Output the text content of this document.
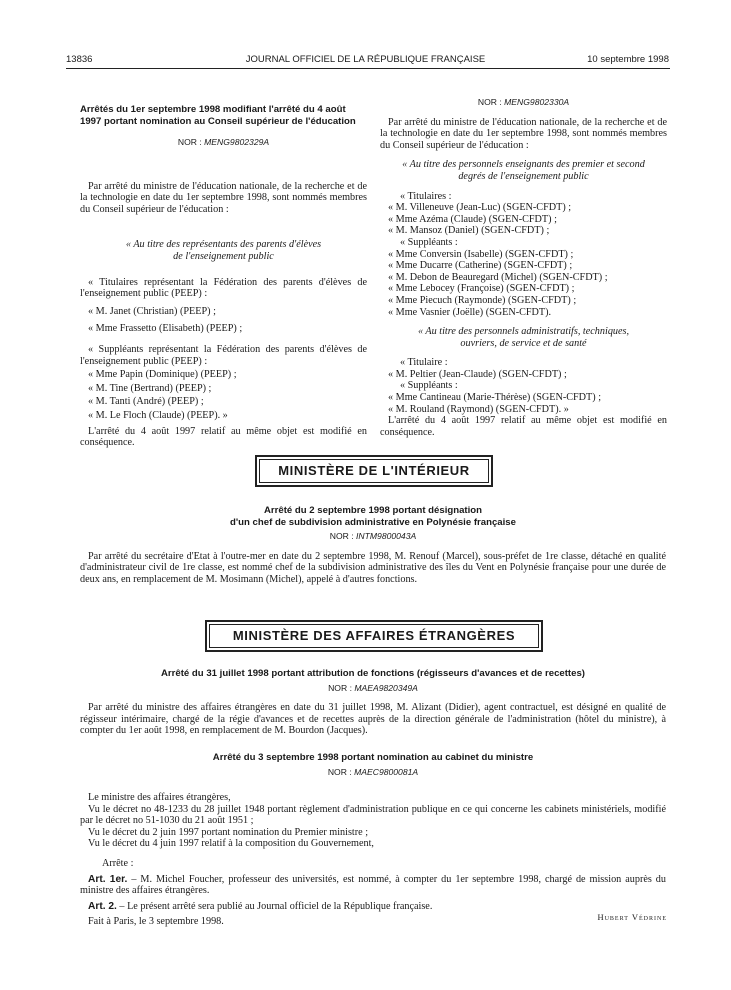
13836	JOURNAL OFFICIEL DE LA RÉPUBLIQUE FRANÇAISE	10 septembre 1998
Arrêtés du 1er septembre 1998 modifiant l'arrêté du 4 août 1997 portant nomination au Conseil supérieur de l'éducation
NOR : MENG9802329A

Par arrêté du ministre de l'éducation nationale, de la recherche et de la technologie en date du 1er septembre 1998, sont nommés membres du Conseil supérieur de l'éducation :

« Au titre des représentants des parents d'élèves de l'enseignement public

« Titulaires représentant la Fédération des parents d'élèves de l'enseignement public (PEEP) :

« M. Janet (Christian) (PEEP) ;

« Mme Frassetto (Elisabeth) (PEEP) ;

« Suppléants représentant la Fédération des parents d'élèves de l'enseignement public (PEEP) :

« Mme Papin (Dominique) (PEEP) ;

« M. Tine (Bertrand) (PEEP) ;

« M. Tanti (André) (PEEP) ;

« M. Le Floch (Claude) (PEEP). »

L'arrêté du 4 août 1997 relatif au même objet est modifié en conséquence.

NOR : MENG9802330A

Par arrêté du ministre de l'éducation nationale, de la recherche et de la technologie en date du 1er septembre 1998, sont nommés membres du Conseil supérieur de l'éducation :

« Au titre des personnels enseignants des premier et second degrés de l'enseignement public

« Titulaires :

« M. Villeneuve (Jean-Luc) (SGEN-CFDT) ;

« Mme Azéma (Claude) (SGEN-CFDT) ;

« M. Mansoz (Daniel) (SGEN-CFDT) ;

« Suppléants :

« Mme Conversin (Isabelle) (SGEN-CFDT) ;

« Mme Ducarre (Catherine) (SGEN-CFDT) ;

« M. Debon de Beauregard (Michel) (SGEN-CFDT) ;

« Mme Lebocey (Françoise) (SGEN-CFDT) ;

« Mme Piecuch (Raymonde) (SGEN-CFDT) ;

« Mme Vasnier (Joëlle) (SGEN-CFDT).

« Au titre des personnels administratifs, techniques, ouvriers, de service et de santé

« Titulaire :

« M. Peltier (Jean-Claude) (SGEN-CFDT) ;

« Suppléants :

« Mme Cantineau (Marie-Thérèse) (SGEN-CFDT) ;

« M. Rouland (Raymond) (SGEN-CFDT). »

L'arrêté du 4 août 1997 relatif au même objet est modifié en conséquence.

MINISTÈRE DE L'INTÉRIEUR
Arrêté du 2 septembre 1998 portant désignation
d'un chef de subdivision administrative en Polynésie française
NOR : INTM9800043A

Par arrêté du secrétaire d'Etat à l'outre-mer en date du 2 septembre 1998, M. Renouf (Marcel), sous-préfet de 1re classe, détaché en qualité d'administrateur civil de 1re classe, est nommé chef de la subdivision administrative des îles du Vent en Polynésie française pour une durée de deux ans, en remplacement de M. Mosimann (Michel), appelé à d'autres fonctions.

MINISTÈRE DES AFFAIRES ÉTRANGÈRES
Arrêté du 31 juillet 1998 portant attribution de fonctions (régisseurs d'avances et de recettes)
NOR : MAEA9820349A

Par arrêté du ministre des affaires étrangères en date du 31 juillet 1998, M. Alizant (Didier), agent contractuel, est désigné en qualité de régisseur intérimaire, chargé de la régie d'avances et de recettes auprès de la direction générale de l'administration (hôtel du ministre), à compter du 1er août 1998, en remplacement de M. Bourdon (Jacques).

Arrêté du 3 septembre 1998 portant nomination au cabinet du ministre
NOR : MAEC9800081A

Le ministre des affaires étrangères,

Vu le décret no 48-1233 du 28 juillet 1948 portant règlement d'administration publique en ce qui concerne les cabinets ministériels, modifié par le décret no 51-1030 du 21 août 1951 ;

Vu le décret du 2 juin 1997 portant nomination du Premier ministre ;

Vu le décret du 4 juin 1997 relatif à la composition du Gouvernement,

Arrête :

Art. 1er. – M. Michel Foucher, professeur des universités, est nommé, à compter du 1er septembre 1998, chargé de mission auprès du ministre des affaires étrangères.

Art. 2. – Le présent arrêté sera publié au Journal officiel de la République française.

Fait à Paris, le 3 septembre 1998.	Hubert Védrine
